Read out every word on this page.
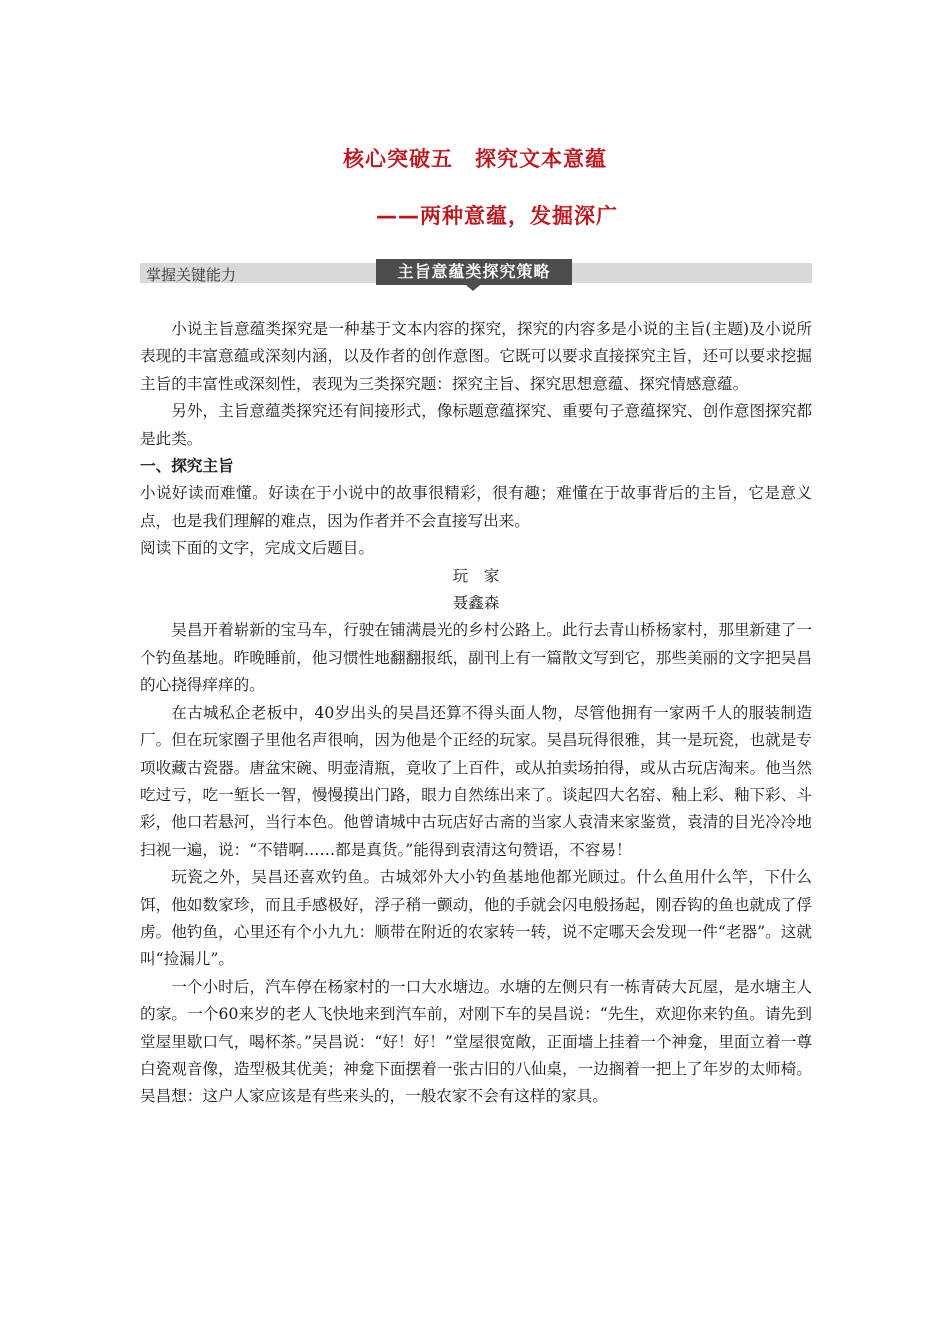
核心突破五　探究文本意蕴
——两种意蕴，发掘深广
掌握关键能力	主旨意蕴类探究策略

小说主旨意蕴类探究是一种基于文本内容的探究，探究的内容多是小说的主旨(主题)及小说所表现的丰富意蕴或深刻内涵，以及作者的创作意图。它既可以要求直接探究主旨，还可以要求挖掘主旨的丰富性或深刻性，表现为三类探究题：探究主旨、探究思想意蕴、探究情感意蕴。

另外，主旨意蕴类探究还有间接形式，像标题意蕴探究、重要句子意蕴探究、创作意图探究都是此类。

一、探究主旨

小说好读而难懂。好读在于小说中的故事很精彩，很有趣；难懂在于故事背后的主旨，它是意义点，也是我们理解的难点，因为作者并不会直接写出来。

阅读下面的文字，完成文后题目。

玩家

聂鑫森

吴昌开着崭新的宝马车，行驶在铺满晨光的乡村公路上。此行去青山桥杨家村，那里新建了一个钓鱼基地。昨晚睡前，他习惯性地翻翻报纸，副刊上有一篇散文写到它，那些美丽的文字把吴昌的心挠得痒痒的。

在古城私企老板中，40岁出头的吴昌还算不得头面人物，尽管他拥有一家两千人的服装制造厂。但在玩家圈子里他名声很响，因为他是个正经的玩家。吴昌玩得很雅，其一是玩瓷，也就是专项收藏古瓷器。唐盆宋碗、明壶清瓶，竟收了上百件，或从拍卖场拍得，或从古玩店淘来。他当然吃过亏，吃一堑长一智，慢慢摸出门路，眼力自然练出来了。谈起四大名窑、釉上彩、釉下彩、斗彩，他口若悬河，当行本色。他曾请城中古玩店好古斋的当家人袁清来家鉴赏，袁清的目光冷冷地扫视一遍，说：“不错啊……都是真货。”能得到袁清这句赞语，不容易！

玩瓷之外，吴昌还喜欢钓鱼。古城郊外大小钓鱼基地他都光顾过。什么鱼用什么竿，下什么饵，他如数家珍，而且手感极好，浮子稍一颤动，他的手就会闪电般扬起，刚吞钩的鱼也就成了俘虏。他钓鱼，心里还有个小九九：顺带在附近的农家转一转，说不定哪天会发现一件“老器”。这就叫“捡漏儿”。

一个小时后，汽车停在杨家村的一口大水塘边。水塘的左侧只有一栋青砖大瓦屋，是水塘主人的家。一个60来岁的老人飞快地来到汽车前，对刚下车的吴昌说：“先生，欢迎你来钓鱼。请先到堂屋里歇口气，喝杯茶。”吴昌说：“好！好！”堂屋很宽敞，正面墙上挂着一个神龛，里面立着一尊白瓷观音像，造型极其优美；神龛下面摆着一张古旧的八仙桌，一边搁着一把上了年岁的太师椅。吴昌想：这户人家应该是有些来头的，一般农家不会有这样的家具。
